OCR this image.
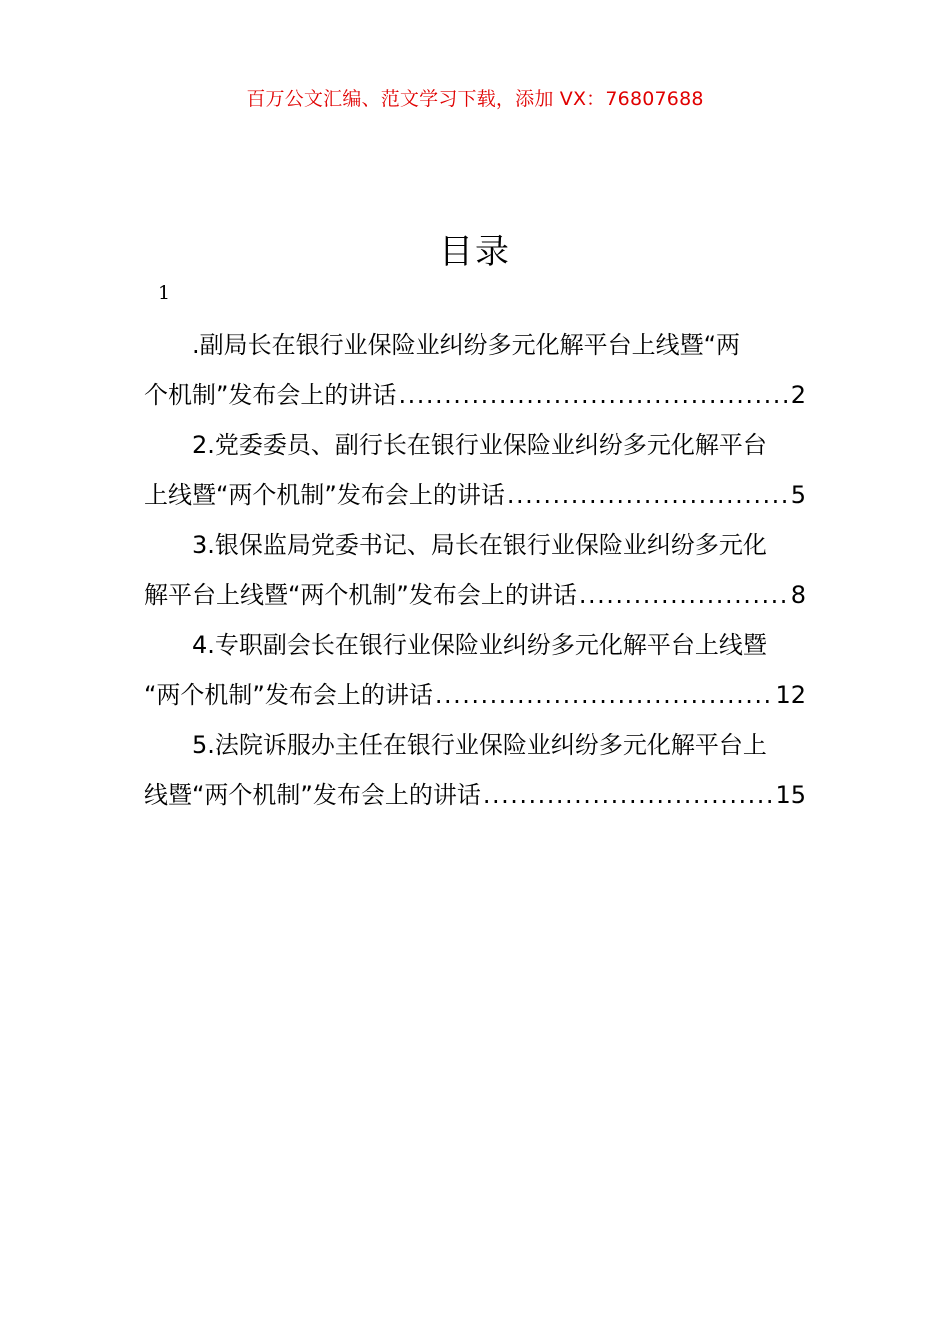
百万公文汇编、范文学习下载，添加 VX：76807688
目录
1
.副局长在银行业保险业纠纷多元化解平台上线暨“两
个机制”发布会上的讲话 .....	2
2.党委委员、副行长在银行业保险业纠纷多元化解平台
上线暨“两个机制”发布会上的讲话 .....	5
3.银保监局党委书记、局长在银行业保险业纠纷多元化
解平台上线暨“两个机制”发布会上的讲话 .....	8
4.专职副会长在银行业保险业纠纷多元化解平台上线暨
“两个机制”发布会上的讲话 .....	12
5.法院诉服办主任在银行业保险业纠纷多元化解平台上
线暨“两个机制”发布会上的讲话 .....	15
